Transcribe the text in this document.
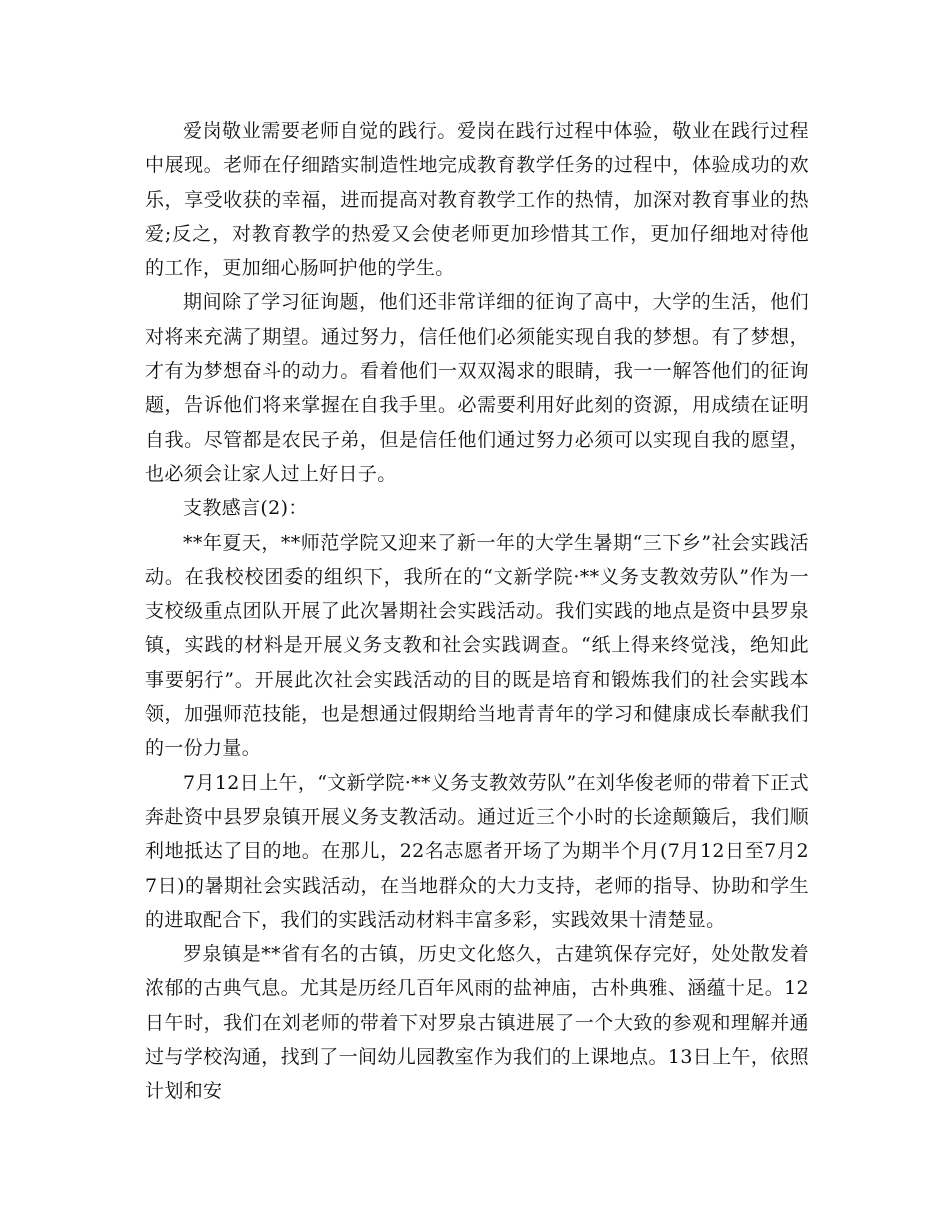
爱岗敬业需要老师自觉的践行。爱岗在践行过程中体验，敬业在践行过程中展现。老师在仔细踏实制造性地完成教育教学任务的过程中，体验成功的欢乐，享受收获的幸福，进而提高对教育教学工作的热情，加深对教育事业的热爱;反之，对教育教学的热爱又会使老师更加珍惜其工作，更加仔细地对待他的工作，更加细心肠呵护他的学生。

期间除了学习征询题，他们还非常详细的征询了高中，大学的生活，他们对将来充满了期望。通过努力，信任他们必须能实现自我的梦想。有了梦想，才有为梦想奋斗的动力。看着他们一双双渴求的眼睛，我一一解答他们的征询题，告诉他们将来掌握在自我手里。必需要利用好此刻的资源，用成绩在证明自我。尽管都是农民子弟，但是信任他们通过努力必须可以实现自我的愿望，也必须会让家人过上好日子。

支教感言(2)：

**年夏天，**师范学院又迎来了新一年的大学生暑期“三下乡”社会实践活动。在我校校团委的组织下，我所在的“文新学院·**义务支教效劳队”作为一支校级重点团队开展了此次暑期社会实践活动。我们实践的地点是资中县罗泉镇，实践的材料是开展义务支教和社会实践调查。“纸上得来终觉浅，绝知此事要躬行”。开展此次社会实践活动的目的既是培育和锻炼我们的社会实践本领，加强师范技能，也是想通过假期给当地青青年的学习和健康成长奉献我们的一份力量。

7月12日上午，“文新学院·**义务支教效劳队”在刘华俊老师的带着下正式奔赴资中县罗泉镇开展义务支教活动。通过近三个小时的长途颠簸后，我们顺利地抵达了目的地。在那儿，22名志愿者开场了为期半个月(7月12日至7月27日)的暑期社会实践活动，在当地群众的大力支持，老师的指导、协助和学生的进取配合下，我们的实践活动材料丰富多彩，实践效果十清楚显。

罗泉镇是**省有名的古镇，历史文化悠久，古建筑保存完好，处处散发着浓郁的古典气息。尤其是历经几百年风雨的盐神庙，古朴典雅、涵蕴十足。12日午时，我们在刘老师的带着下对罗泉古镇进展了一个大致的参观和理解并通过与学校沟通，找到了一间幼儿园教室作为我们的上课地点。13日上午，依照计划和安
